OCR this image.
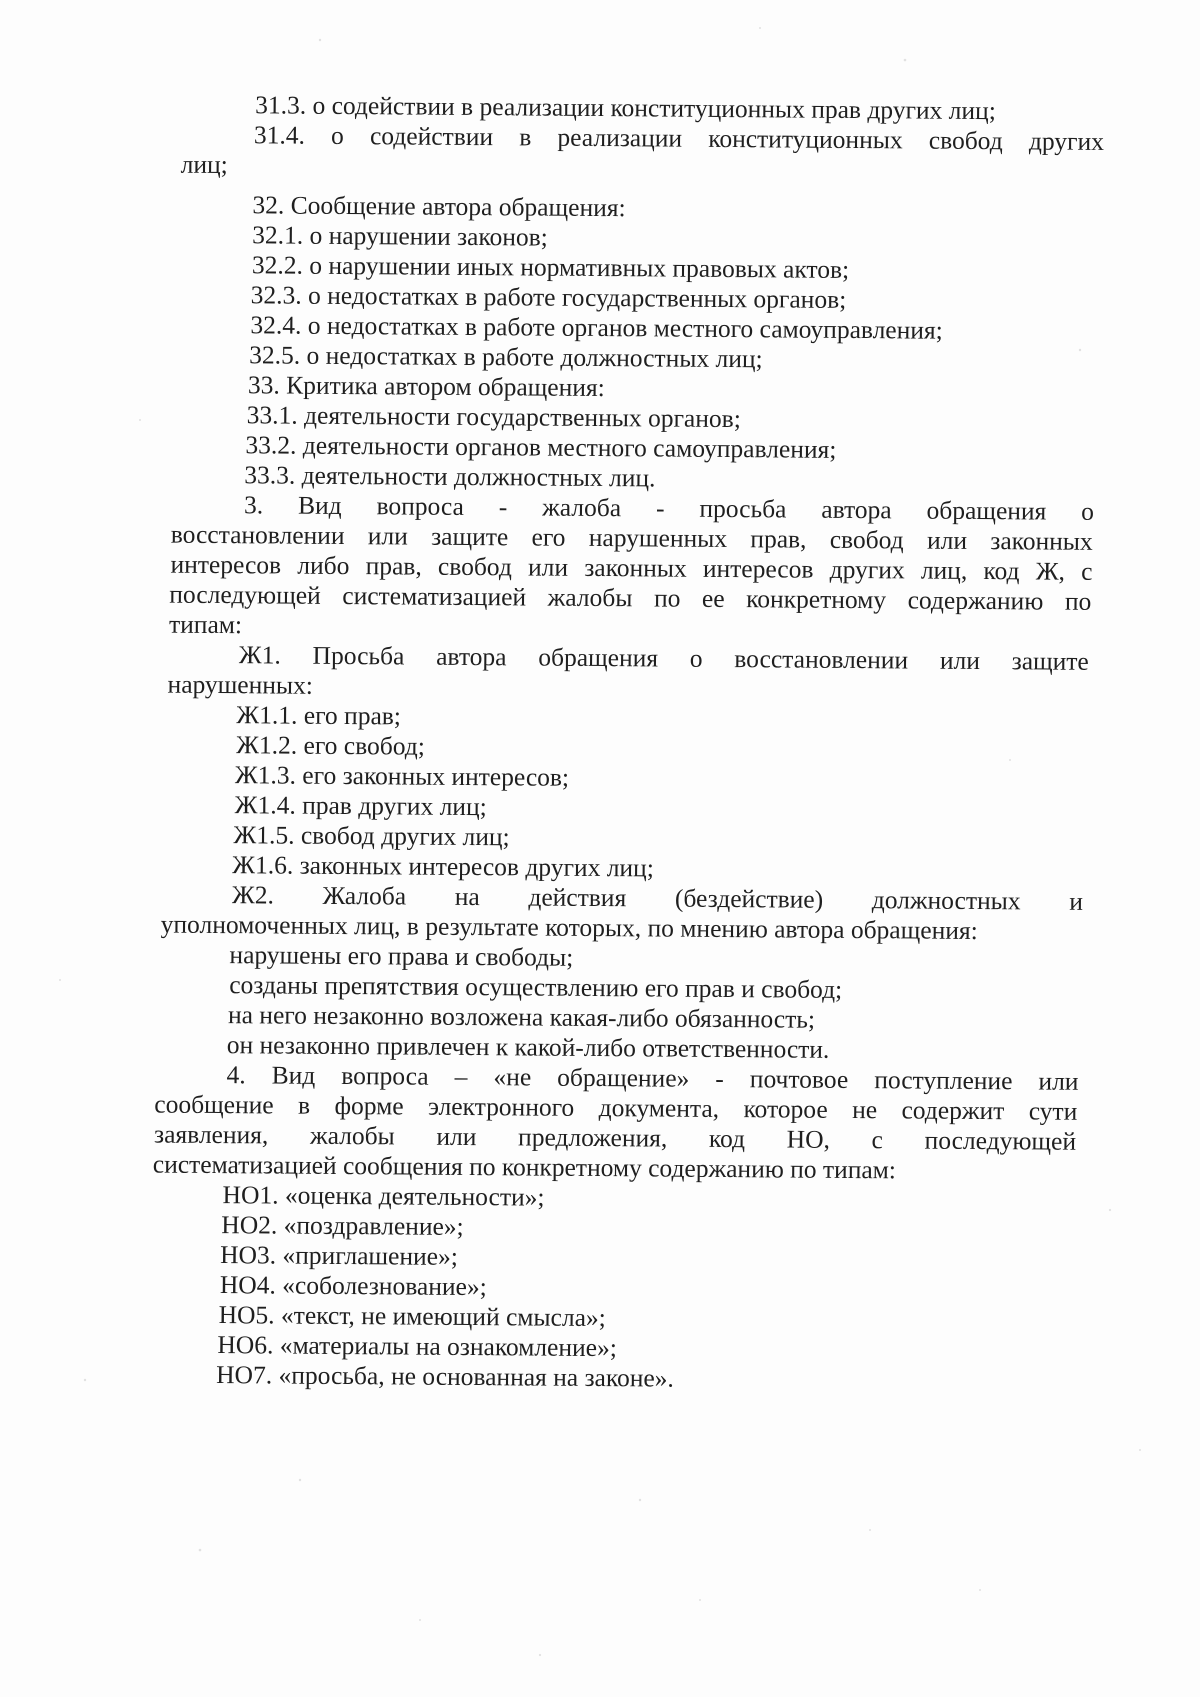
31.3. о содействии в реализации конституционных прав других лиц;
31.4. о содействии в реализации конституционных свобод других
лиц;
32. Сообщение автора обращения:
32.1. о нарушении законов;
32.2. о нарушении иных нормативных правовых актов;
32.3. о недостатках в работе государственных органов;
32.4. о недостатках в работе органов местного самоуправления;
32.5. о недостатках в работе должностных лиц;
33. Критика автором обращения:
33.1. деятельности государственных органов;
33.2. деятельности органов местного самоуправления;
33.3. деятельности должностных лиц.
3. Вид вопроса - жалоба - просьба автора обращения о
восстановлении или защите его нарушенных прав, свобод или законных
интересов либо прав, свобод или законных интересов других лиц, код Ж, с
последующей систематизацией жалобы по ее конкретному содержанию по
типам:
Ж1. Просьба автора обращения о восстановлении или защите
нарушенных:
Ж1.1. его прав;
Ж1.2. его свобод;
Ж1.3. его законных интересов;
Ж1.4. прав других лиц;
Ж1.5. свобод других лиц;
Ж1.6. законных интересов других лиц;
Ж2. Жалоба на действия (бездействие) должностных и
уполномоченных лиц, в результате которых, по мнению автора обращения:
нарушены его права и свободы;
созданы препятствия осуществлению его прав и свобод;
на него незаконно возложена какая-либо обязанность;
он незаконно привлечен к какой-либо ответственности.
4. Вид вопроса – «не обращение» - почтовое поступление или
сообщение в форме электронного документа, которое не содержит сути
заявления, жалобы или предложения, код НО, с последующей
систематизацией сообщения по конкретному содержанию по типам:
НО1. «оценка деятельности»;
НО2. «поздравление»;
НО3. «приглашение»;
НО4. «соболезнование»;
НО5. «текст, не имеющий смысла»;
НО6. «материалы на ознакомление»;
НО7. «просьба, не основанная на законе».
